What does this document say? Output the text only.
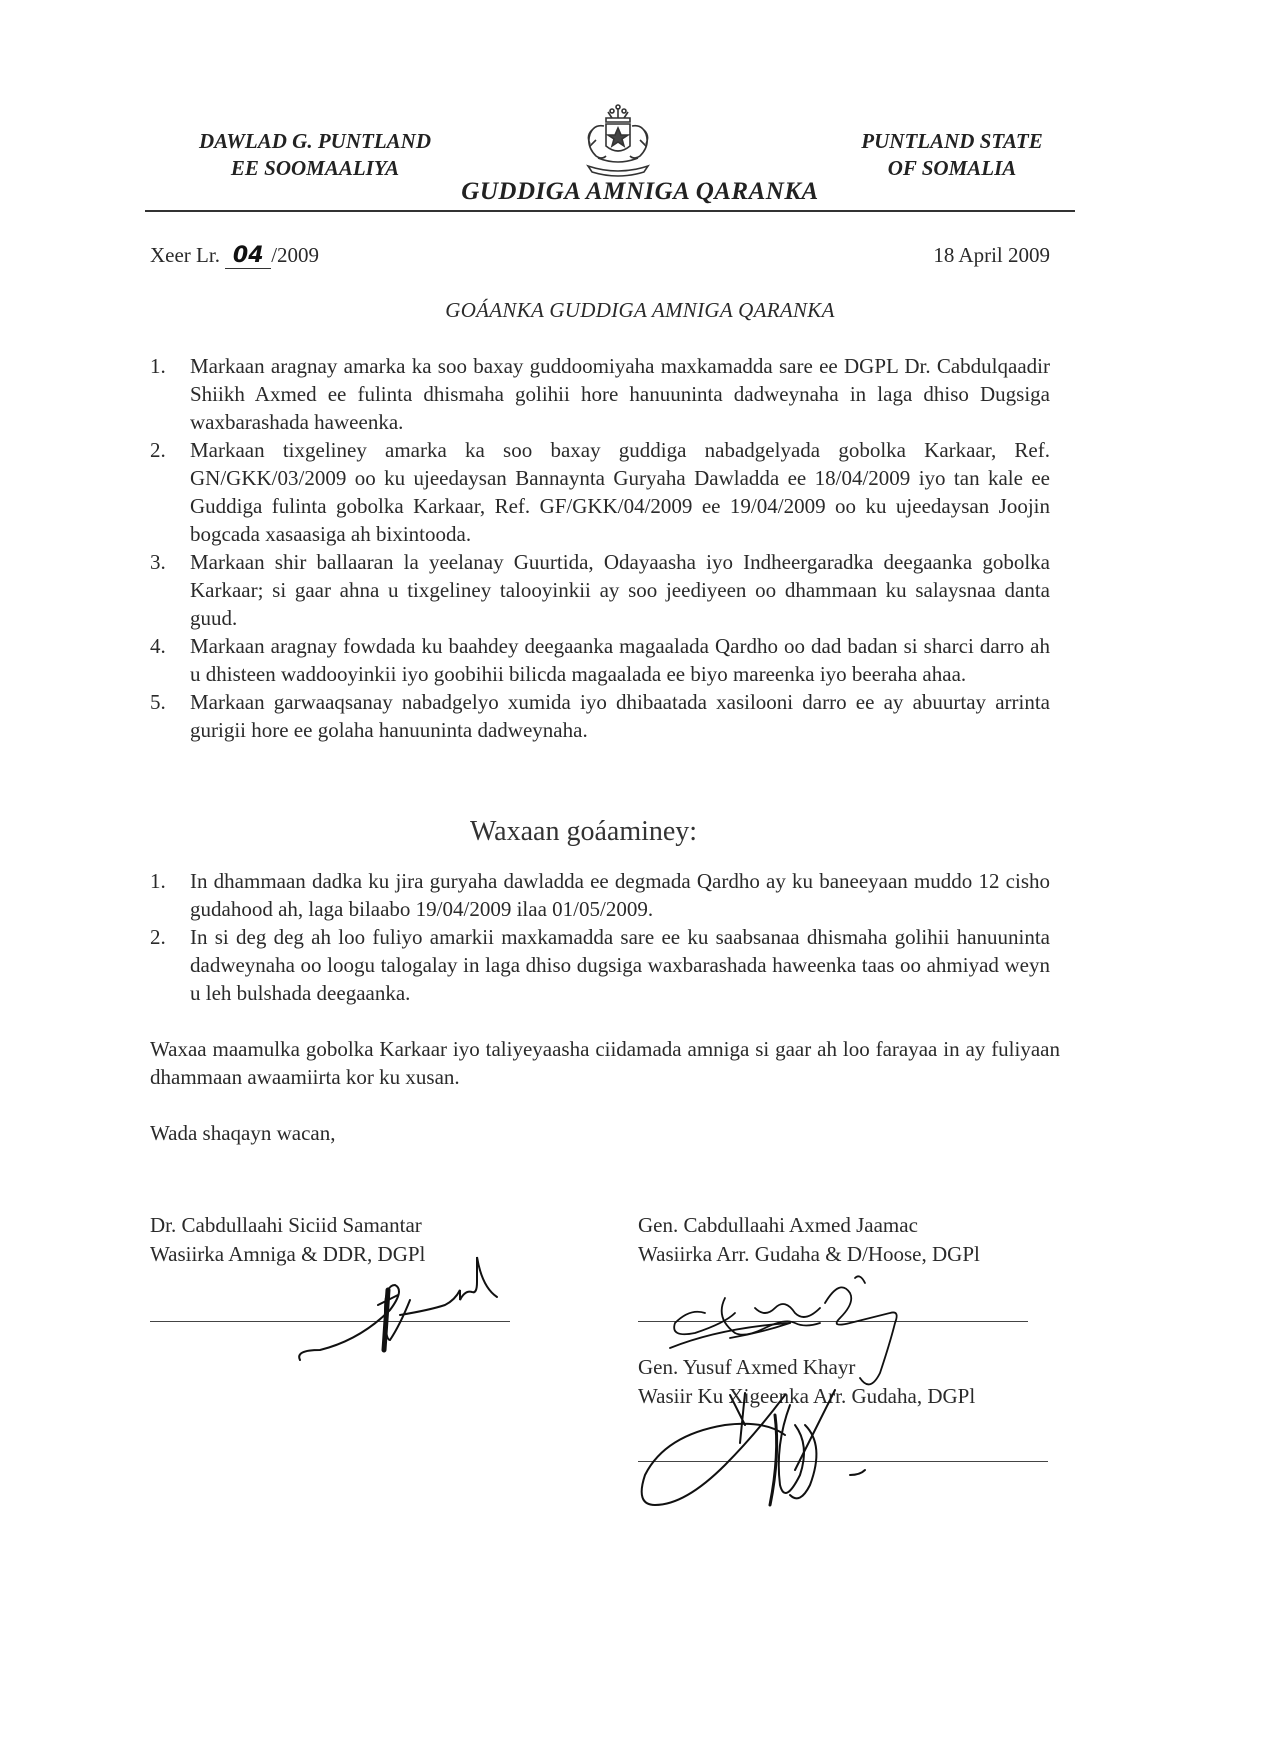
DAWLAD G. PUNTLAND
EE SOOMAALIYA
PUNTLAND STATE
OF SOMALIA
GUDDIGA AMNIGA QARANKA
Xeer Lr. 04 /2009	18 April 2009
GOÁANKA GUDDIGA AMNIGA QARANKA
1.	Markaan aragnay amarka ka soo baxay guddoomiyaha maxkamadda sare ee DGPL Dr. Cabdulqaadir Shiikh Axmed ee fulinta dhismaha golihii hore hanuuninta dadweynaha in laga dhiso Dugsiga waxbarashada haweenka.
2.	Markaan tixgeliney amarka ka soo baxay guddiga nabadgelyada gobolka Karkaar, Ref. GN/GKK/03/2009 oo ku ujeedaysan Bannaynta Guryaha Dawladda ee 18/04/2009 iyo tan kale ee Guddiga fulinta gobolka Karkaar, Ref. GF/GKK/04/2009 ee 19/04/2009 oo ku ujeedaysan Joojin bogcada xasaasiga ah bixintooda.
3.	Markaan shir ballaaran la yeelanay Guurtida, Odayaasha iyo Indheergaradka deegaanka gobolka Karkaar; si gaar ahna u tixgeliney talooyinkii ay soo jeediyeen oo dhammaan ku salaysnaa danta guud.
4.	Markaan aragnay fowdada ku baahdey deegaanka magaalada Qardho oo dad badan si sharci darro ah u dhisteen waddooyinkii iyo goobihii bilicda magaalada ee biyo mareenka iyo beeraha ahaa.
5.	Markaan garwaaqsanay nabadgelyo xumida iyo dhibaatada xasilooni darro ee ay abuurtay arrinta gurigii hore ee golaha hanuuninta dadweynaha.
Waxaan goáaminey:
1.	In dhammaan dadka ku jira guryaha dawladda ee degmada Qardho ay ku baneeyaan muddo 12 cisho gudahood ah, laga bilaabo 19/04/2009 ilaa 01/05/2009.
2.	In si deg deg ah loo fuliyo amarkii maxkamadda sare ee ku saabsanaa dhismaha golihii hanuuninta dadweynaha oo loogu talogalay in laga dhiso dugsiga waxbarashada haweenka taas oo ahmiyad weyn u leh bulshada deegaanka.
Waxaa maamulka gobolka Karkaar iyo taliyeyaasha ciidamada amniga si gaar ah loo farayaa in ay fuliyaan dhammaan awaamiirta kor ku xusan.
Wada shaqayn wacan,
Dr. Cabdullaahi Siciid Samantar
Wasiirka Amniga & DDR, DGPl
Gen. Cabdullaahi Axmed Jaamac
Wasiirka Arr. Gudaha & D/Hoose, DGPl
Gen. Yusuf Axmed Khayr
Wasiir Ku Xigeenka Arr. Gudaha, DGPl
